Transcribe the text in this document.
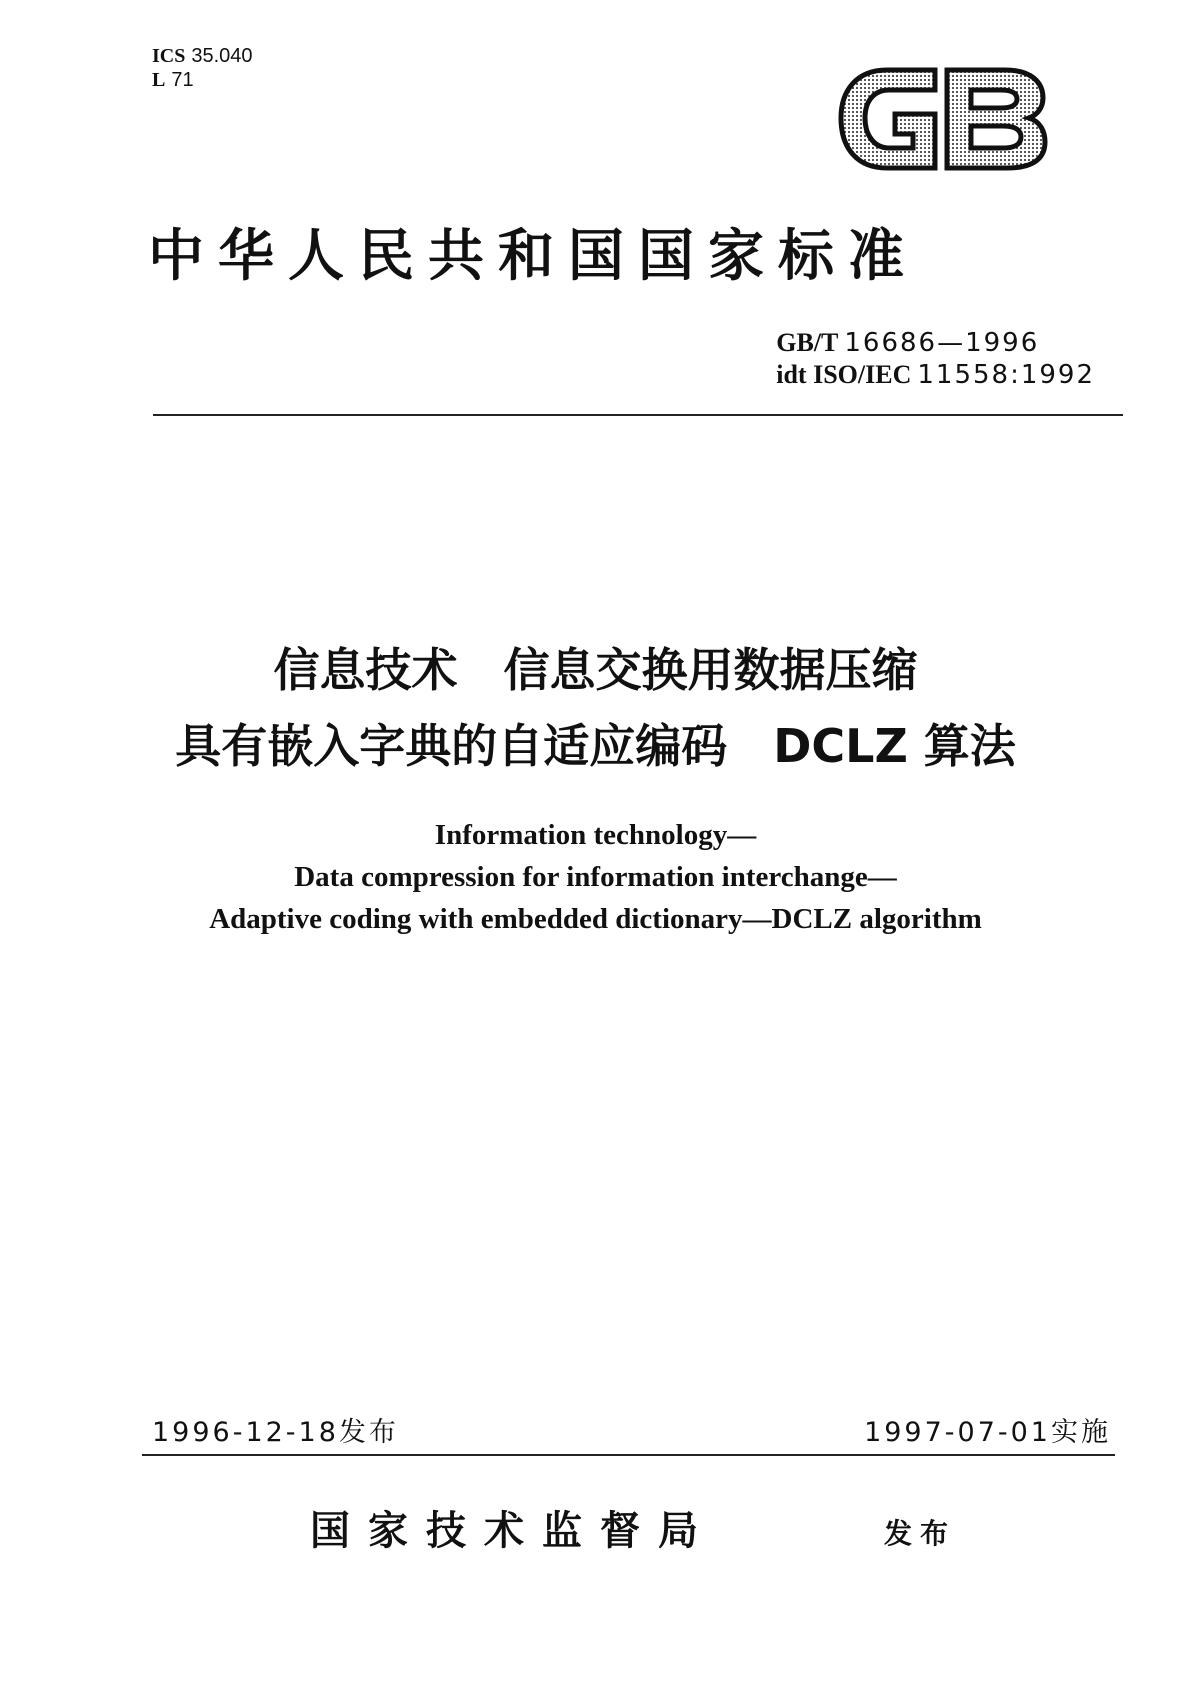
ICS 35.040
L 71
中华人民共和国国家标准
GB/T 16686—1996
idt ISO/IEC 11558:1992
信息技术　信息交换用数据压缩
具有嵌入字典的自适应编码　DCLZ 算法
Information technology—
Data compression for information interchange—
Adaptive coding with embedded dictionary—DCLZ algorithm
1996-12-18发布	1997-07-01实施
国家技术监督局	发布
